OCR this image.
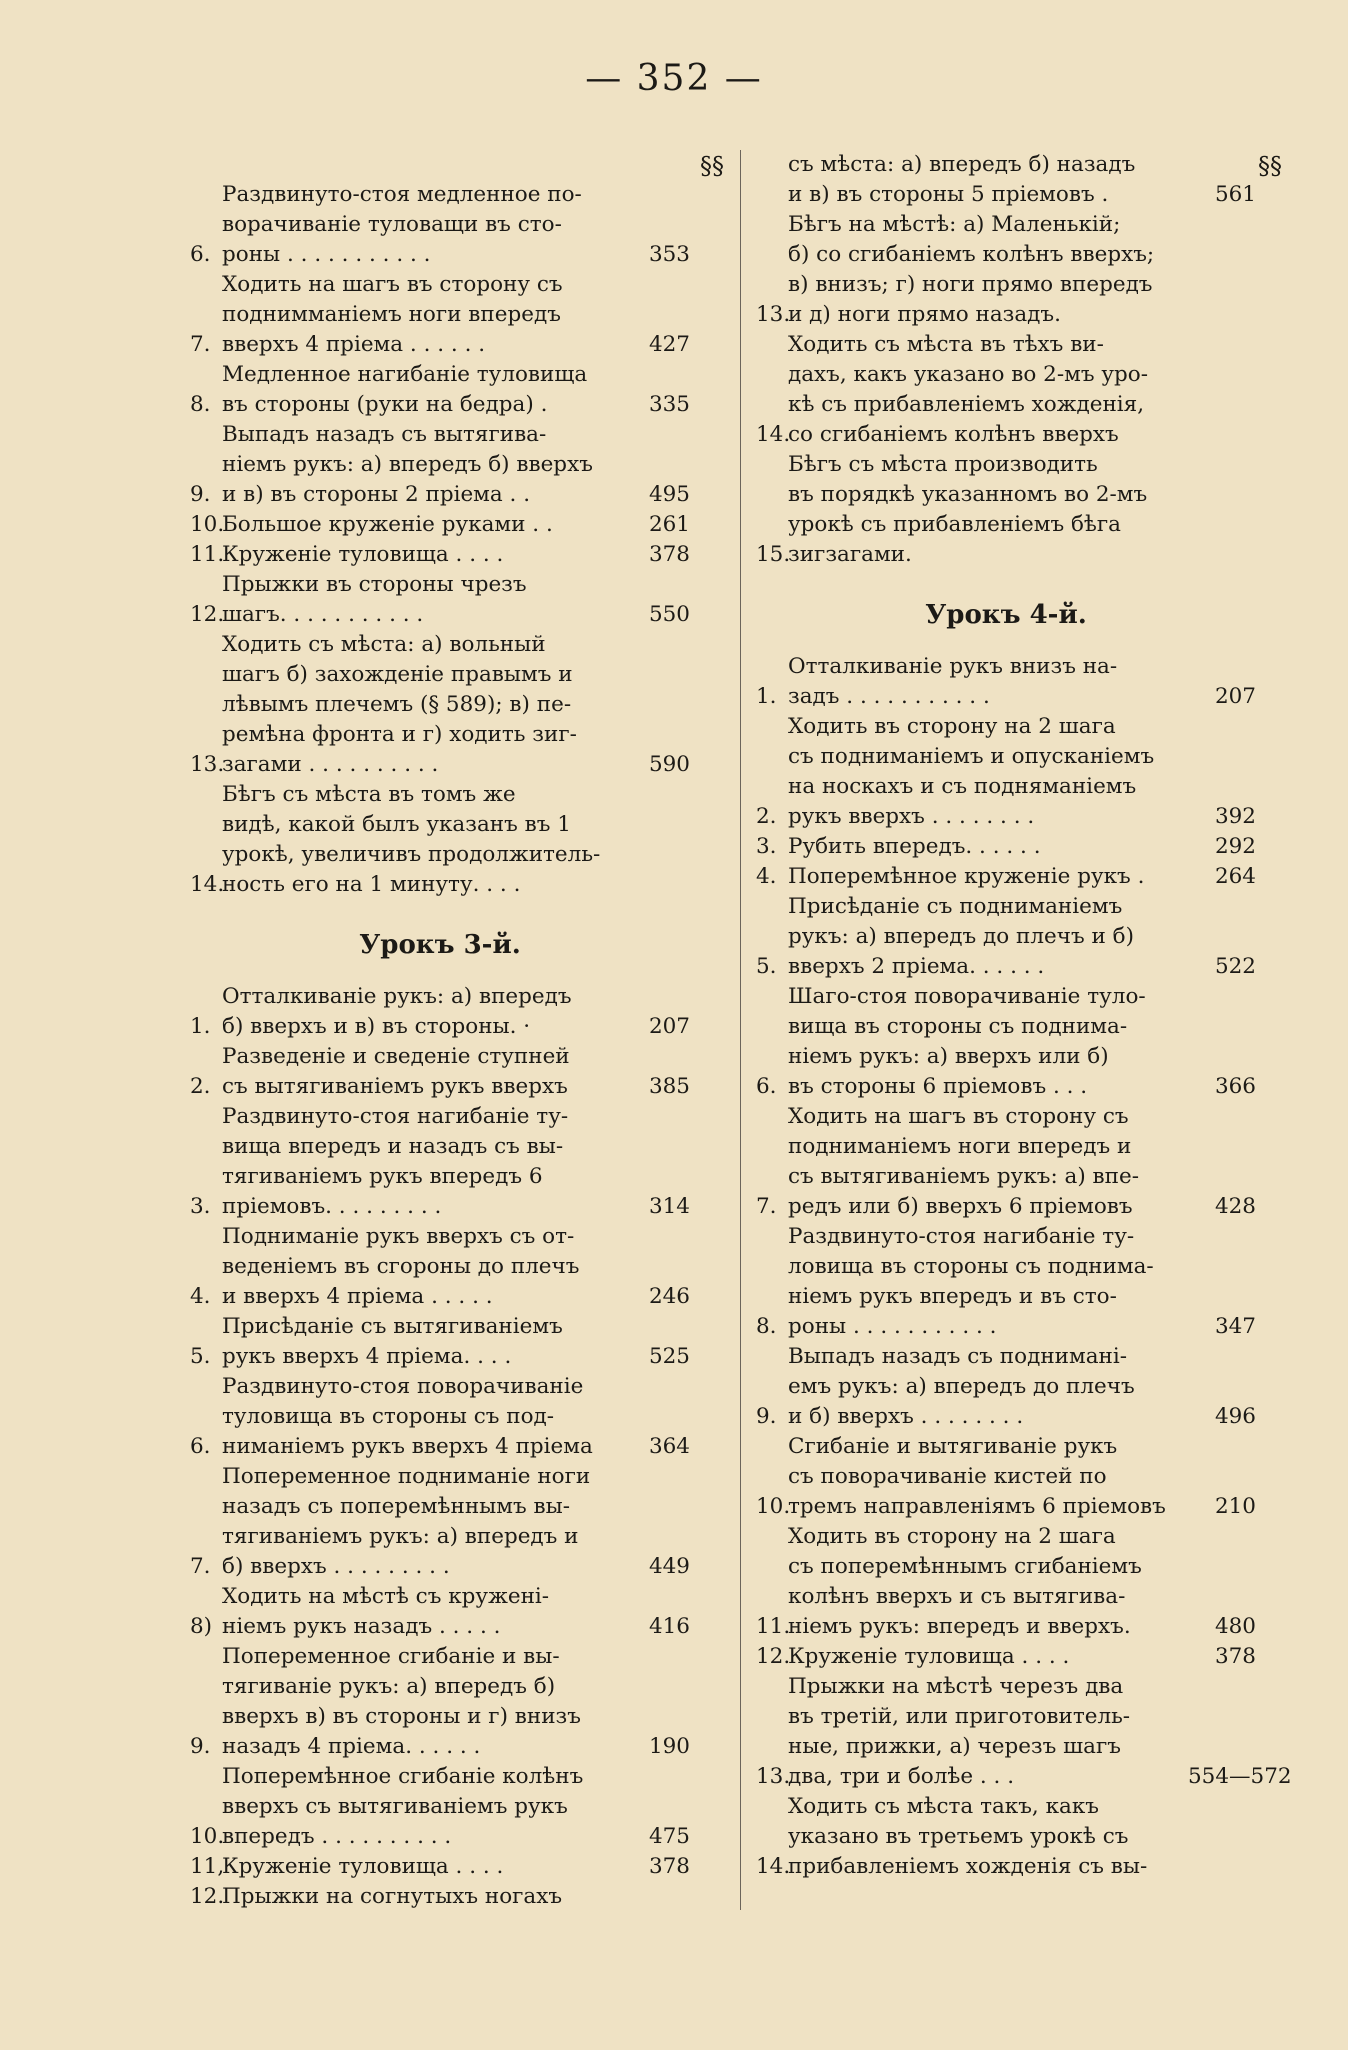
— 352 —
§§	§§
6.
Раздвинуто-стоя медленное по-
ворачиванiе туловащи въ сто-
роны . . . . . . . . . . .	353
7.
Ходить на шагъ въ сторону съ
поднимманiемъ ноги впередъ
вверхъ 4 прiема . . . . . .	427
8.
Медленное нагибанiе туловища
въ стороны (руки на бедра) .	335
9.
Выпадъ назадъ съ вытягива-
нiемъ рукъ: а) впередъ б) вверхъ
и в) въ стороны 2 прiема . .	495
10.
Большое круженiе руками . .	261
11.
Круженiе туловища . . . .	378
12.
Прыжки въ стороны чрезъ
шагъ. . . . . . . . . . .	550
13.
Ходить съ мѣста: а) вольный
шагъ б) захожденiе правымъ и
лѣвымъ плечемъ (§ 589); в) пе-
ремѣна фронта и г) ходить зиг-
загами . . . . . . . . . .	590
14.
Бѣгъ съ мѣста въ томъ же
видѣ, какой былъ указанъ въ 1
урокѣ, увеличивъ продолжитель-
ность его на 1 минуту. . . .
Урокъ 3-й.
1.
Отталкиванiе рукъ: а) впередъ
б) вверхъ и в) въ стороны. ·	207
2.
Разведенiе и сведенiе ступней
съ вытягиванiемъ рукъ вверхъ	385
3.
Раздвинуто-стоя нагибанiе ту-
вища впередъ и назадъ съ вы-
тягиванiемъ рукъ впередъ 6
прiемовъ. . . . . . . . .	314
4.
Подниманiе рукъ вверхъ съ от-
веденiемъ въ сгороны до плечъ
и вверхъ 4 прiема . . . . .	246
5.
Присѣданiе съ вытягиванiемъ
рукъ вверхъ 4 прiема. . . .	525
6.
Раздвинуто-стоя поворачиванiе
туловища въ стороны съ под-
ниманiемъ рукъ вверхъ 4 прiема	364
7.
Попеременное подниманiе ноги
назадъ съ поперемѣннымъ вы-
тягиванiемъ рукъ: а) впередъ и
б) вверхъ . . . . . . . . .	449
8)
Ходить на мѣстѣ съ круженi-
нiемъ рукъ назадъ . . . . .	416
9.
Попеременное сгибанiе и вы-
тягиванiе рукъ: а) впередъ б)
вверхъ в) въ стороны и г) внизъ
назадъ 4 прiема. . . . . .	190
10.
Поперемѣнное сгибанiе колѣнъ
вверхъ съ вытягиванiемъ рукъ
впередъ . . . . . . . . . .	475
11,
Круженiе туловища . . . .	378
12.
Прыжки на согнутыхъ ногахъ
съ мѣста: а) впередъ б) назадъ
и в) въ стороны 5 прiемовъ .	561
13.
Бѣгъ на мѣстѣ: а) Маленькiй;
б) со сгибанiемъ колѣнъ вверхъ;
в) внизъ; г) ноги прямо впередъ
и д) ноги прямо назадъ.
14.
Ходить съ мѣста въ тѣхъ ви-
дахъ, какъ указано во 2-мъ уро-
кѣ съ прибавленiемъ хожденiя,
со сгибанiемъ колѣнъ вверхъ
15.
Бѣгъ съ мѣста производить
въ порядкѣ указанномъ во 2-мъ
урокѣ съ прибавленiемъ бѣга
зигзагами.
Урокъ 4-й.
1.
Отталкиванiе рукъ внизъ на-
задъ . . . . . . . . . . .	207
2.
Ходить въ сторону на 2 шага
съ подниманiемъ и опусканiемъ
на носкахъ и съ подняманiемъ
рукъ вверхъ . . . . . . . .	392
3. Рубить впередъ. . . . . .	292
4. Поперемѣнное круженiе рукъ .	264
5.
Присѣданiе съ подниманiемъ
рукъ: а) впередъ до плечъ и б)
вверхъ 2 прiема. . . . . .	522
6.
Шаго-стоя поворачиванiе туло-
вища въ стороны съ поднима-
нiемъ рукъ: а) вверхъ или б)
въ стороны 6 прiемовъ . . .	366
7.
Ходить на шагъ въ сторону съ
подниманiемъ ноги впередъ и
съ вытягиванiемъ рукъ: а) впе-
редъ или б) вверхъ 6 прiемовъ	428
8.
Раздвинуто-стоя нагибанiе ту-
ловища въ стороны съ поднима-
нiемъ рукъ впередъ и въ сто-
роны . . . . . . . . . . .	347
9.
Выпадъ назадъ съ подниманi-
емъ рукъ: а) впередъ до плечъ
и б) вверхъ . . . . . . . .	496
10.
Сгибанiе и вытягиванiе рукъ
съ поворачиванiе кистей по
тремъ направленiямъ 6 прiемовъ	210
11.
Ходить въ сторону на 2 шага
съ поперемѣннымъ сгибанiемъ
колѣнъ вверхъ и съ вытягива-
нiемъ рукъ: впередъ и вверхъ.	480
12.
Круженiе туловища . . . .	378
13.
Прыжки на мѣстѣ черезъ два
въ третiй, или приготовитель-
ные, прижки, а) черезъ шагъ
два, три и болѣе . . .	554—572
14.
Ходить съ мѣста такъ, какъ
указано въ третьемъ урокѣ съ
прибавленiемъ хожденiя съ вы-
